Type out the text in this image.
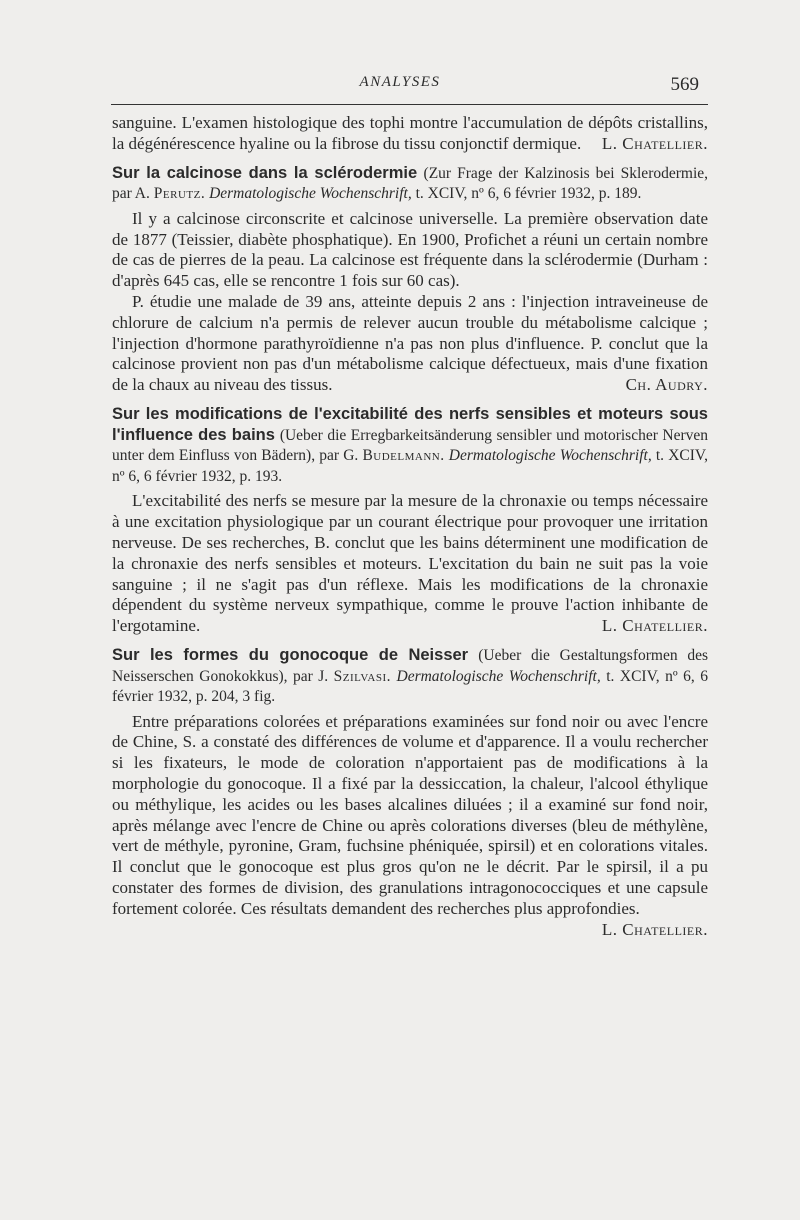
ANALYSES	569

sanguine. L'examen histologique des tophi montre l'accumulation de dépôts cristallins, la dégénérescence hyaline ou la fibrose du tissu conjonctif dermique. L. Chatellier.

Sur la calcinose dans la sclérodermie (Zur Frage der Kalzinosis bei Sklerodermie, par A. Perutz. Dermatologische Wochenschrift, t. XCIV, nº 6, 6 février 1932, p. 189.

Il y a calcinose circonscrite et calcinose universelle. La première observation date de 1877 (Teissier, diabète phosphatique). En 1900, Profichet a réuni un certain nombre de cas de pierres de la peau. La calcinose est fréquente dans la sclérodermie (Durham : d'après 645 cas, elle se rencontre 1 fois sur 60 cas).

P. étudie une malade de 39 ans, atteinte depuis 2 ans : l'injection intraveineuse de chlorure de calcium n'a permis de relever aucun trouble du métabolisme calcique ; l'injection d'hormone parathyroïdienne n'a pas non plus d'influence. P. conclut que la calcinose provient non pas d'un métabolisme calcique défectueux, mais d'une fixation de la chaux au niveau des tissus.	Ch. Audry.

Sur les modifications de l'excitabilité des nerfs sensibles et moteurs sous l'influence des bains (Ueber die Erregbarkeitsänderung sensibler und motorischer Nerven unter dem Einfluss von Bädern), par G. Budelmann. Dermatologische Wochenschrift, t. XCIV, nº 6, 6 février 1932, p. 193.

L'excitabilité des nerfs se mesure par la mesure de la chronaxie ou temps nécessaire à une excitation physiologique par un courant électrique pour provoquer une irritation nerveuse. De ses recherches, B. conclut que les bains déterminent une modification de la chronaxie des nerfs sensibles et moteurs. L'excitation du bain ne suit pas la voie sanguine ; il ne s'agit pas d'un réflexe. Mais les modifications de la chronaxie dépendent du système nerveux sympathique, comme le prouve l'action inhibante de l'ergotamine.	L. Chatellier.

Sur les formes du gonocoque de Neisser (Ueber die Gestaltungsformen des Neisserschen Gonokokkus), par J. Szilvasi. Dermatologische Wochenschrift, t. XCIV, nº 6, 6 février 1932, p. 204, 3 fig.

Entre préparations colorées et préparations examinées sur fond noir ou avec l'encre de Chine, S. a constaté des différences de volume et d'apparence. Il a voulu rechercher si les fixateurs, le mode de coloration n'apportaient pas de modifications à la morphologie du gonocoque. Il a fixé par la dessiccation, la chaleur, l'alcool éthylique ou méthylique, les acides ou les bases alcalines diluées ; il a examiné sur fond noir, après mélange avec l'encre de Chine ou après colorations diverses (bleu de méthylène, vert de méthyle, pyronine, Gram, fuchsine phéniquée, spirsil) et en colorations vitales. Il conclut que le gonocoque est plus gros qu'on ne le décrit. Par le spirsil, il a pu constater des formes de division, des granulations intragonococciques et une capsule fortement colorée. Ces résultats demandent des recherches plus approfondies.
L. Chatellier.
